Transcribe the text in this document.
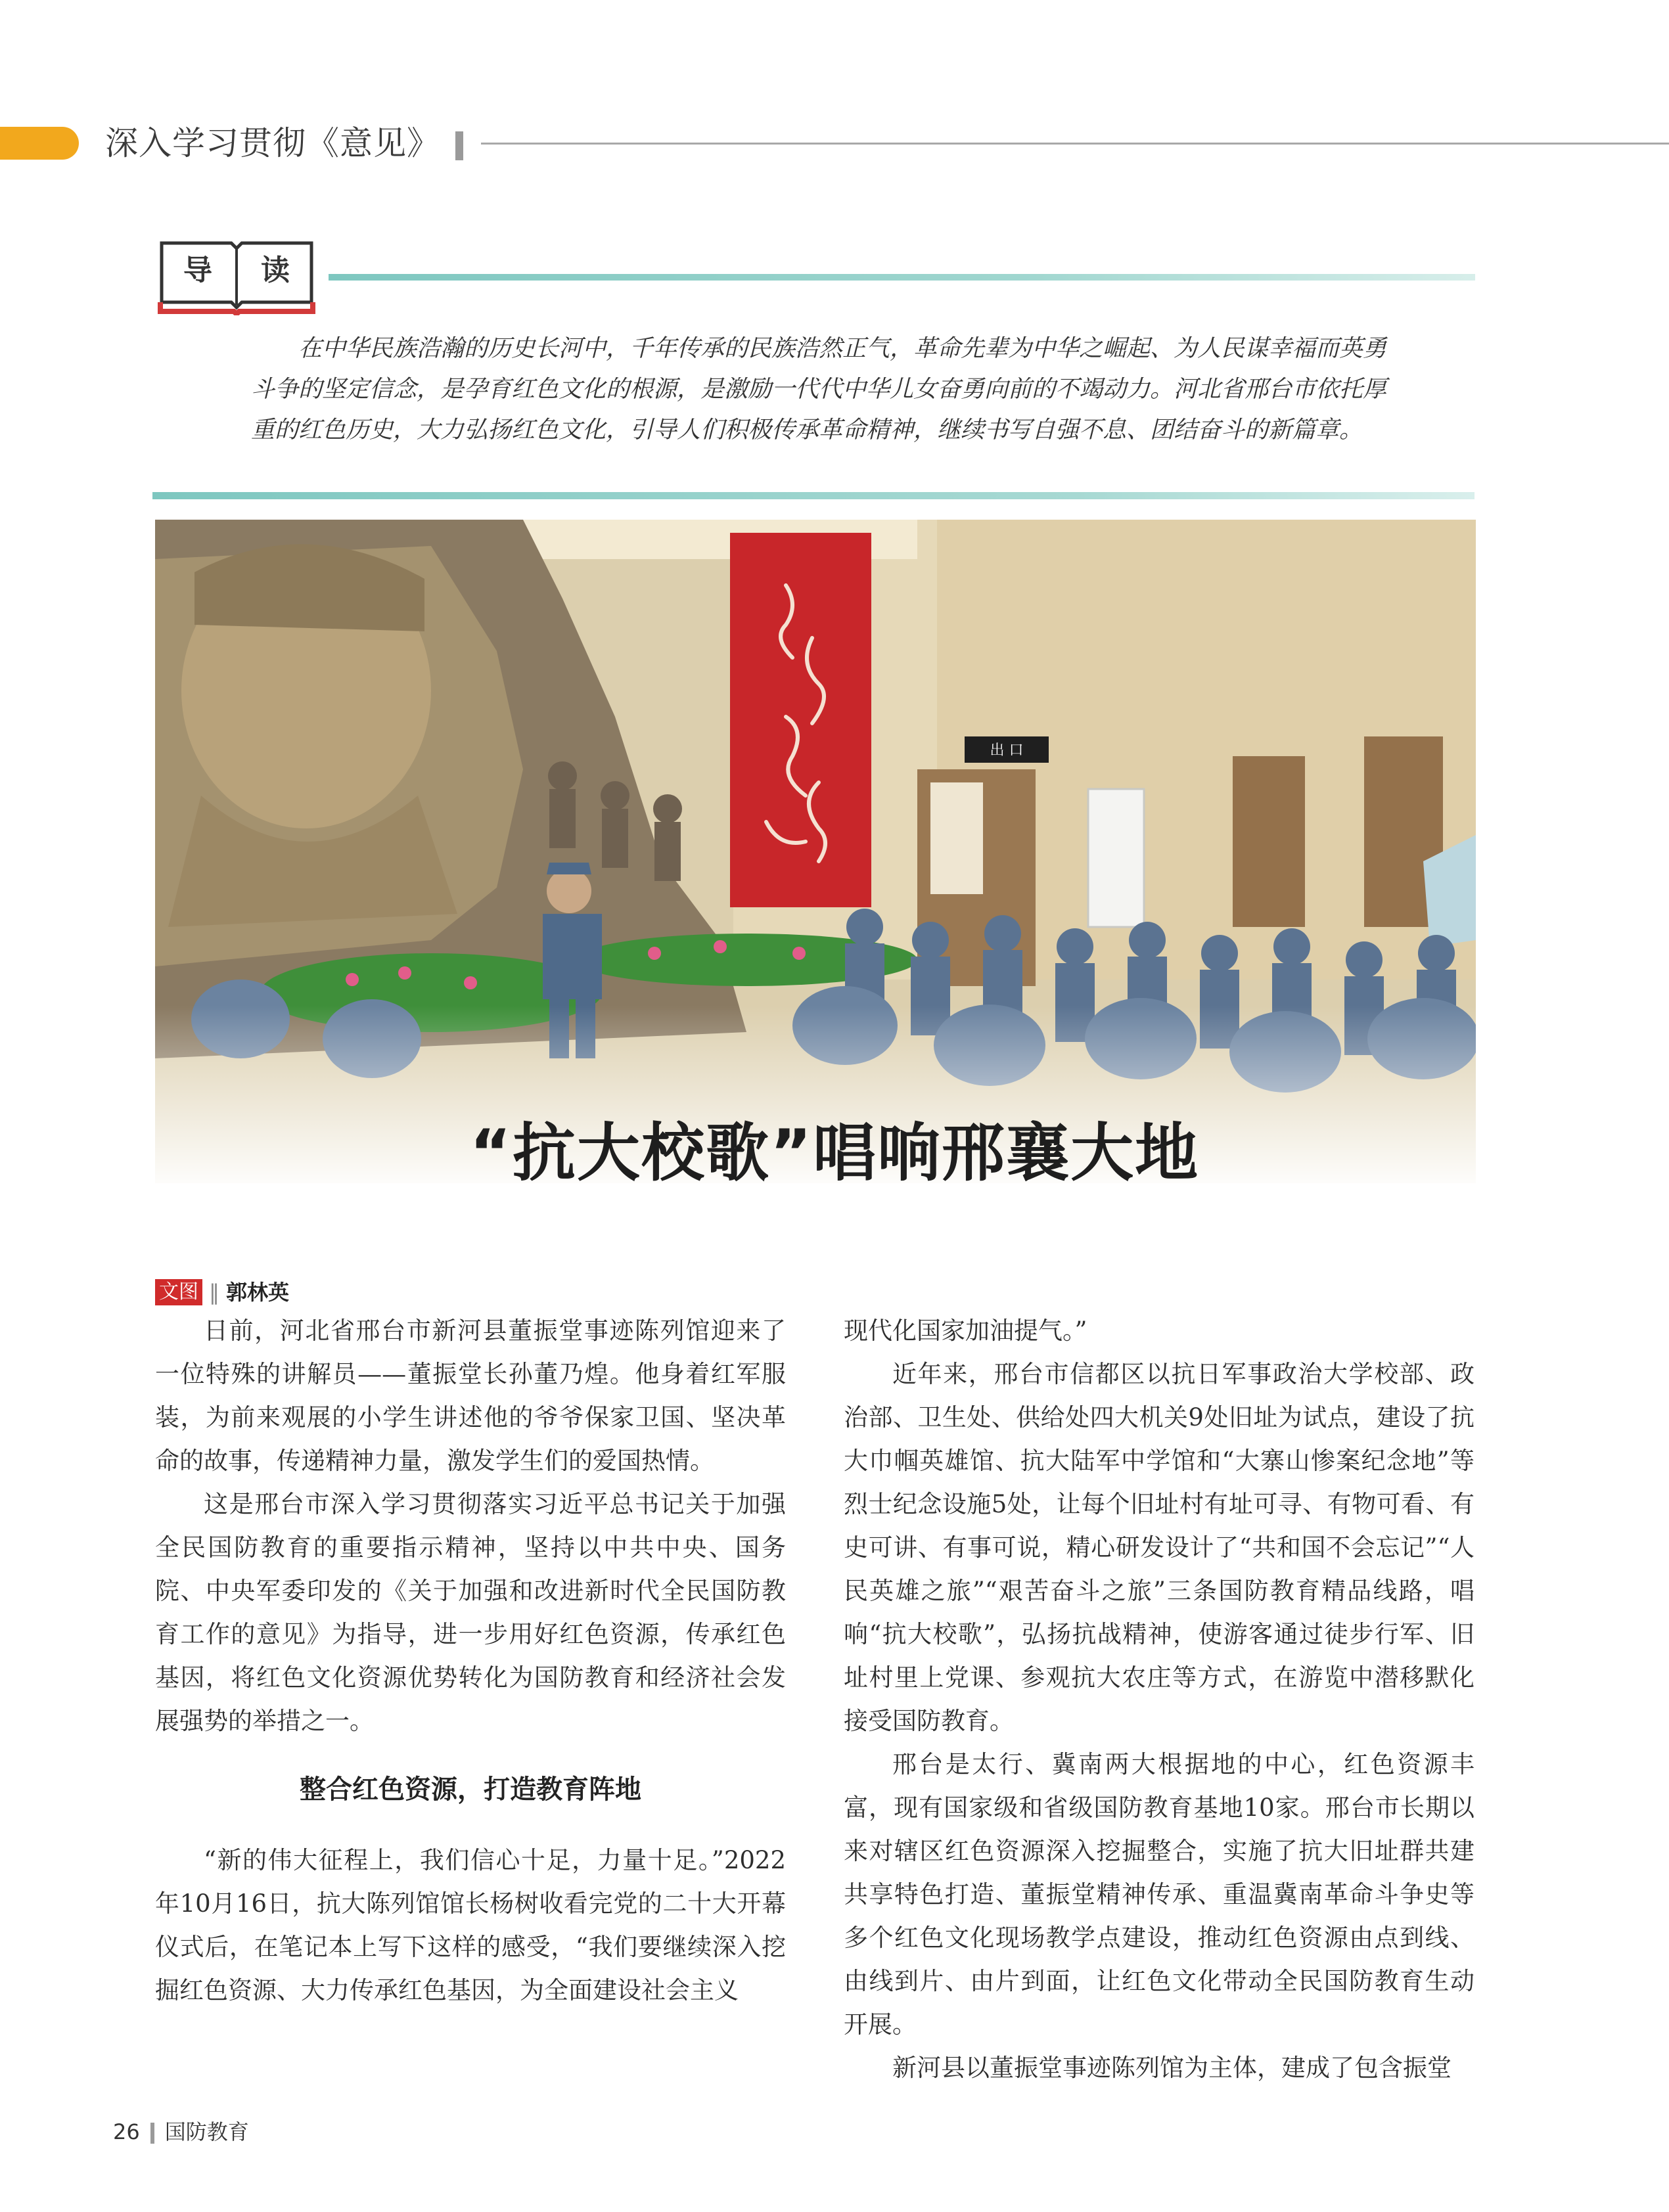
深入学习贯彻《意见》
导	读

在中华民族浩瀚的历史长河中，千年传承的民族浩然正气，革命先辈为中华之崛起、为人民谋幸福而英勇斗争的坚定信念，是孕育红色文化的根源，是激励一代代中华儿女奋勇向前的不竭动力。河北省邢台市依托厚重的红色历史，大力弘扬红色文化，引导人们积极传承革命精神，继续书写自强不息、团结奋斗的新篇章。

出 口
“抗大校歌”唱响邢襄大地
文图 ‖ 郭林英

日前，河北省邢台市新河县董振堂事迹陈列馆迎来了一位特殊的讲解员——董振堂长孙董乃煌。他身着红军服装，为前来观展的小学生讲述他的爷爷保家卫国、坚决革命的故事，传递精神力量，激发学生们的爱国热情。

这是邢台市深入学习贯彻落实习近平总书记关于加强全民国防教育的重要指示精神，坚持以中共中央、国务院、中央军委印发的《关于加强和改进新时代全民国防教育工作的意见》为指导，进一步用好红色资源，传承红色基因，将红色文化资源优势转化为国防教育和经济社会发展强势的举措之一。

整合红色资源，打造教育阵地

“新的伟大征程上，我们信心十足，力量十足。”2022年10月16日，抗大陈列馆馆长杨树收看完党的二十大开幕仪式后，在笔记本上写下这样的感受，“我们要继续深入挖掘红色资源、大力传承红色基因，为全面建设社会主义

现代化国家加油提气。”

近年来，邢台市信都区以抗日军事政治大学校部、政治部、卫生处、供给处四大机关9处旧址为试点，建设了抗大巾帼英雄馆、抗大陆军中学馆和“大寨山惨案纪念地”等烈士纪念设施5处，让每个旧址村有址可寻、有物可看、有史可讲、有事可说，精心研发设计了“共和国不会忘记”“人民英雄之旅”“艰苦奋斗之旅”三条国防教育精品线路，唱响“抗大校歌”，弘扬抗战精神，使游客通过徒步行军、旧址村里上党课、参观抗大农庄等方式，在游览中潜移默化接受国防教育。

邢台是太行、冀南两大根据地的中心，红色资源丰富，现有国家级和省级国防教育基地10家。邢台市长期以来对辖区红色资源深入挖掘整合，实施了抗大旧址群共建共享特色打造、董振堂精神传承、重温冀南革命斗争史等多个红色文化现场教学点建设，推动红色资源由点到线、由线到片、由片到面，让红色文化带动全民国防教育生动开展。

新河县以董振堂事迹陈列馆为主体，建成了包含振堂

26 国防教育
